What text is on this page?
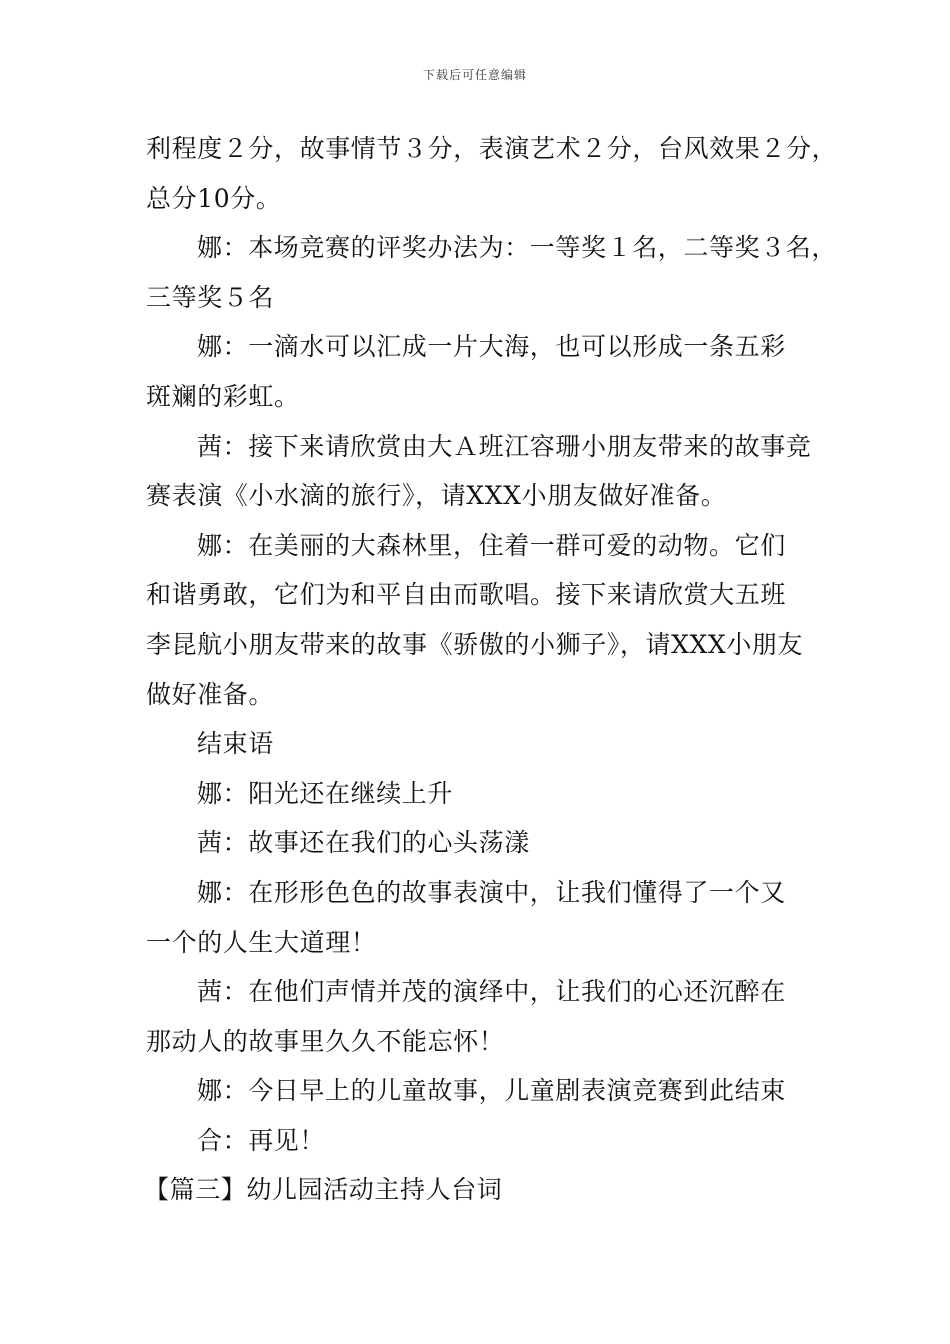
下载后可任意编辑
利程度２分，故事情节３分，表演艺术２分，台风效果２分，
总分10分。
娜：本场竞赛的评奖办法为：一等奖１名，二等奖３名，
三等奖５名
娜：一滴水可以汇成一片大海，也可以形成一条五彩
斑斓的彩虹。
茜：接下来请欣赏由大Ａ班江容珊小朋友带来的故事竞
赛表演《小水滴的旅行》，请XXX小朋友做好准备。
娜：在美丽的大森林里，住着一群可爱的动物。它们
和谐勇敢，它们为和平自由而歌唱。接下来请欣赏大五班
李昆航小朋友带来的故事《骄傲的小狮子》，请XXX小朋友
做好准备。
结束语
娜：阳光还在继续上升
茜：故事还在我们的心头荡漾
娜：在形形色色的故事表演中，让我们懂得了一个又
一个的人生大道理！
茜：在他们声情并茂的演绎中，让我们的心还沉醉在
那动人的故事里久久不能忘怀！
娜：今日早上的儿童故事，儿童剧表演竞赛到此结束
合：再见！
【篇三】幼儿园活动主持人台词
